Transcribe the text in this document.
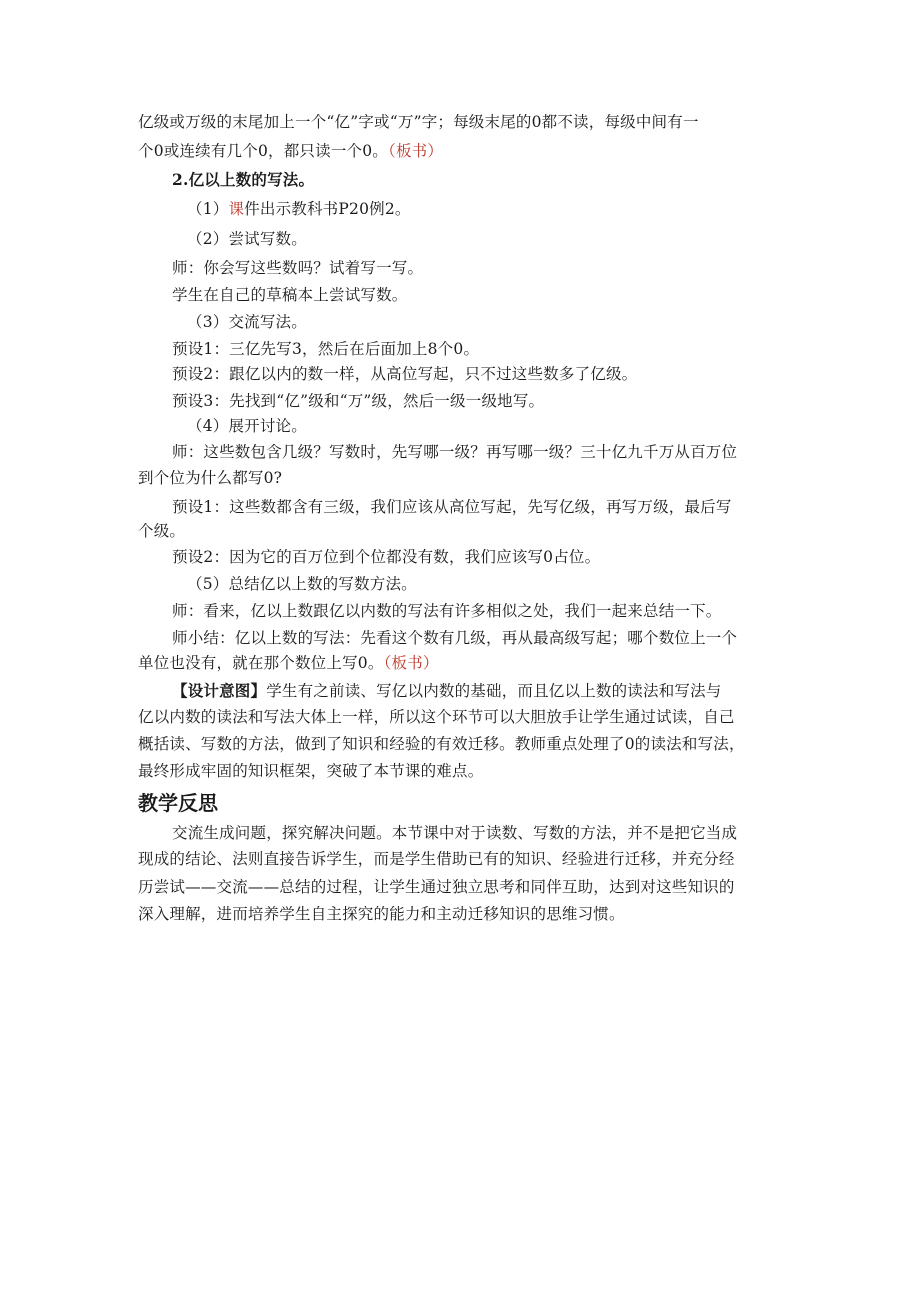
亿级或万级的末尾加上一个“亿”字或“万”字；每级末尾的0都不读，每级中间有一
个0或连续有几个0，都只读一个0。（板书）
2.亿以上数的写法。
（1）课件出示教科书P20例2。
（2）尝试写数。
师：你会写这些数吗？试着写一写。
学生在自己的草稿本上尝试写数。
（3）交流写法。
预设1：三亿先写3，然后在后面加上8个0。
预设2：跟亿以内的数一样，从高位写起，只不过这些数多了亿级。
预设3：先找到“亿”级和“万”级，然后一级一级地写。
（4）展开讨论。
师：这些数包含几级？写数时，先写哪一级？再写哪一级？三十亿九千万从百万位
到个位为什么都写0?
预设1：这些数都含有三级，我们应该从高位写起，先写亿级，再写万级，最后写
个级。
预设2：因为它的百万位到个位都没有数，我们应该写0占位。
（5）总结亿以上数的写数方法。
师：看来，亿以上数跟亿以内数的写法有许多相似之处，我们一起来总结一下。
师小结：亿以上数的写法：先看这个数有几级，再从最高级写起；哪个数位上一个
单位也没有，就在那个数位上写0。（板书）
【设计意图】学生有之前读、写亿以内数的基础，而且亿以上数的读法和写法与
亿以内数的读法和写法大体上一样，所以这个环节可以大胆放手让学生通过试读，自己
概括读、写数的方法，做到了知识和经验的有效迁移。教师重点处理了0的读法和写法，
最终形成牢固的知识框架，突破了本节课的难点。
教学反思
交流生成问题，探究解决问题。本节课中对于读数、写数的方法，并不是把它当成
现成的结论、法则直接告诉学生，而是学生借助已有的知识、经验进行迁移，并充分经
历尝试——交流——总结的过程，让学生通过独立思考和同伴互助，达到对这些知识的
深入理解，进而培养学生自主探究的能力和主动迁移知识的思维习惯。
